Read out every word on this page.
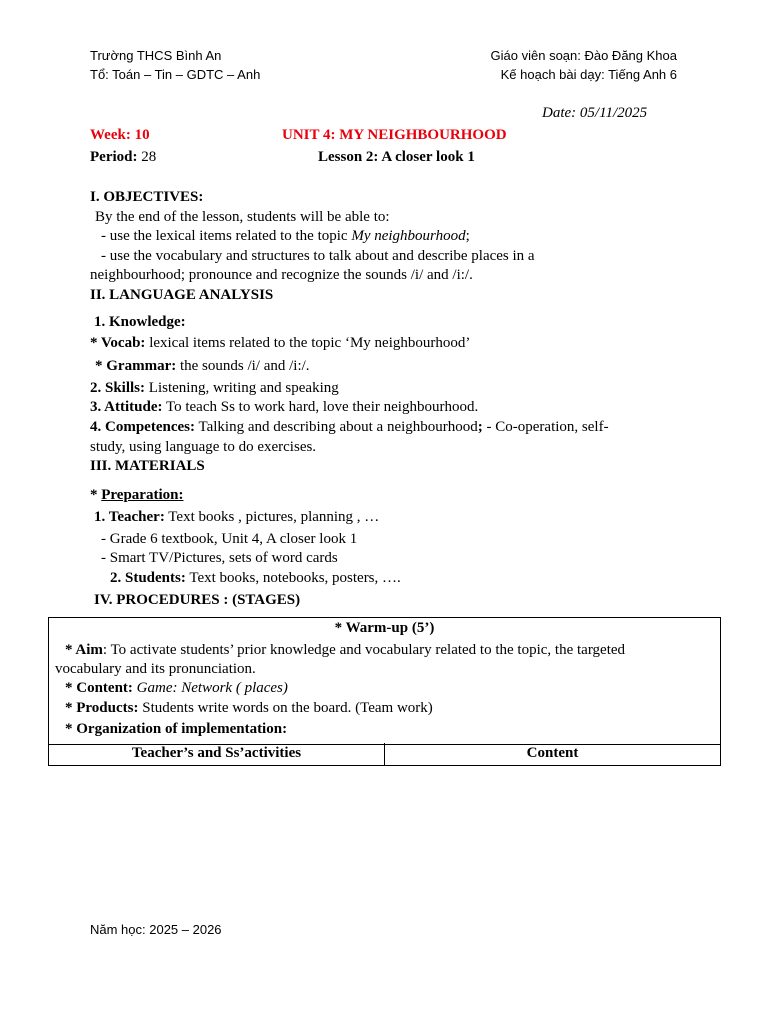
Trường THCS Bình An
Tổ: Toán – Tin – GDTC – Anh
Giáo viên soạn: Đào Đăng Khoa
Kế hoạch bài dạy: Tiếng Anh 6
Date: 05/11/2025
Week: 10	UNIT 4: MY NEIGHBOURHOOD
Period: 28	Lesson 2: A closer look 1
I. OBJECTIVES:
By the end of the lesson, students will be able to:
- use the lexical items related to the topic My neighbourhood;
- use the vocabulary and structures to talk about and describe places in a
neighbourhood; pronounce and recognize the sounds /i/ and /i:/.
II. LANGUAGE ANALYSIS
1. Knowledge:
* Vocab: lexical items related to the topic ‘My neighbourhood’
* Grammar: the sounds /i/ and /i:/.
2. Skills: Listening, writing and speaking
3. Attitude: To teach Ss to work hard, love their neighbourhood.
4. Competences: Talking and describing about a neighbourhood; - Co-operation, self-
study, using language to do exercises.
III. MATERIALS
* Preparation:
1. Teacher: Text books , pictures, planning , …
- Grade 6 textbook, Unit 4, A closer look 1
- Smart TV/Pictures, sets of word cards
2. Students: Text books, notebooks, posters, ….
IV. PROCEDURES : (STAGES)
* Warm-up (5’)
* Aim: To activate students’ prior knowledge and vocabulary related to the topic, the targeted
vocabulary and its pronunciation.
* Content: Game: Network ( places)
* Products: Students write words on the board. (Team work)
* Organization of implementation:
Teacher’s and Ss’activities	Content
Năm học: 2025 – 2026
